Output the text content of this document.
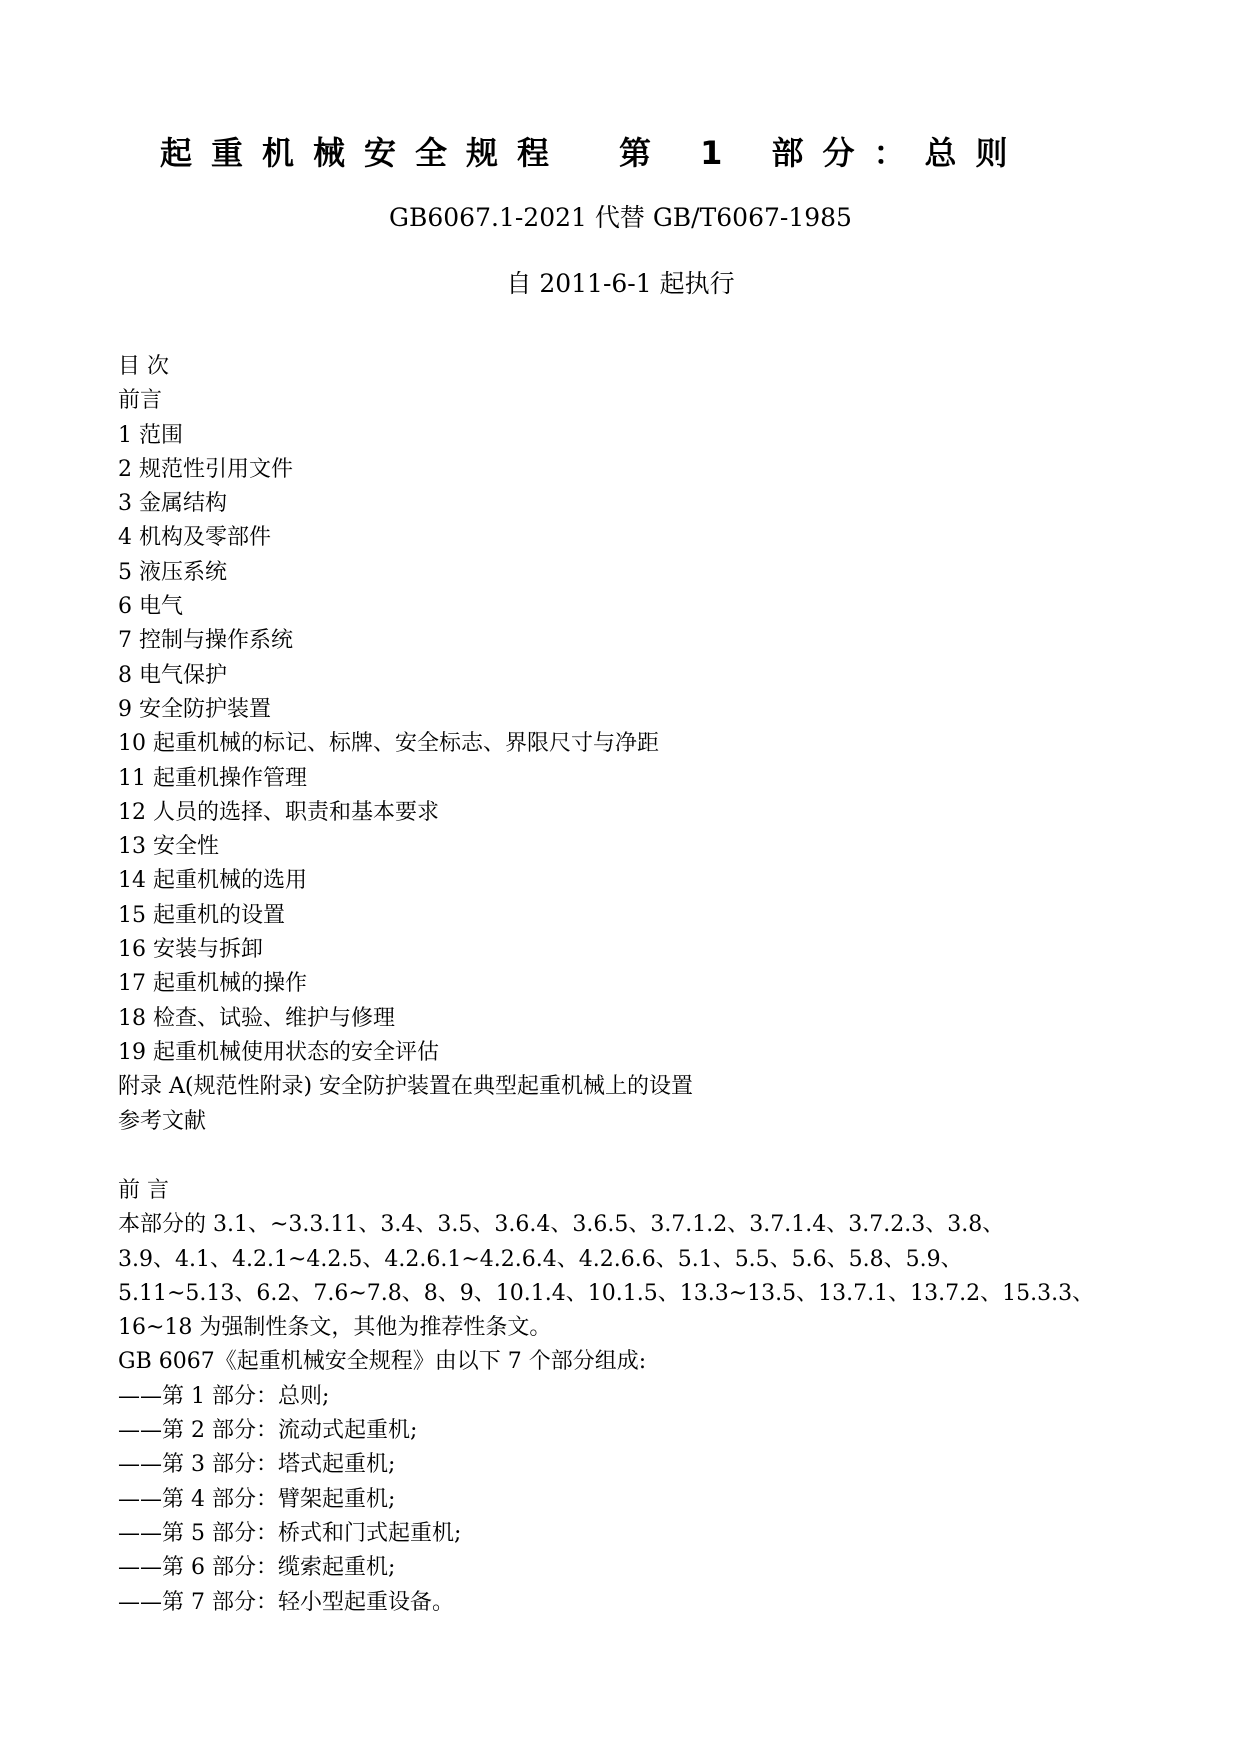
起重机械安全规程　第 1 部分：总则
GB6067.1-2021 代替 GB/T6067-1985
自 2011-6-1 起执行
目 次
前言
1 范围
2 规范性引用文件
3 金属结构
4 机构及零部件
5 液压系统
6 电气
7 控制与操作系统
8 电气保护
9 安全防护装置
10 起重机械的标记、标牌、安全标志、界限尺寸与净距
11 起重机操作管理
12 人员的选择、职责和基本要求
13 安全性
14 起重机械的选用
15 起重机的设置
16 安装与拆卸
17 起重机械的操作
18 检查、试验、维护与修理
19 起重机械使用状态的安全评估
附录 A(规范性附录) 安全防护装置在典型起重机械上的设置
参考文献
前 言
本部分的 3.1、~3.3.11、3.4、3.5、3.6.4、3.6.5、3.7.1.2、3.7.1.4、3.7.2.3、3.8、
3.9、4.1、4.2.1~4.2.5、4.2.6.1~4.2.6.4、4.2.6.6、5.1、5.5、5.6、5.8、5.9、
5.11~5.13、6.2、7.6~7.8、8、9、10.1.4、10.1.5、13.3~13.5、13.7.1、13.7.2、15.3.3、
16~18 为强制性条文，其他为推荐性条文。
GB 6067《起重机械安全规程》由以下 7 个部分组成:
——第 1 部分：总则;
——第 2 部分：流动式起重机;
——第 3 部分：塔式起重机;
——第 4 部分：臂架起重机;
——第 5 部分：桥式和门式起重机;
——第 6 部分：缆索起重机;
——第 7 部分：轻小型起重设备。
